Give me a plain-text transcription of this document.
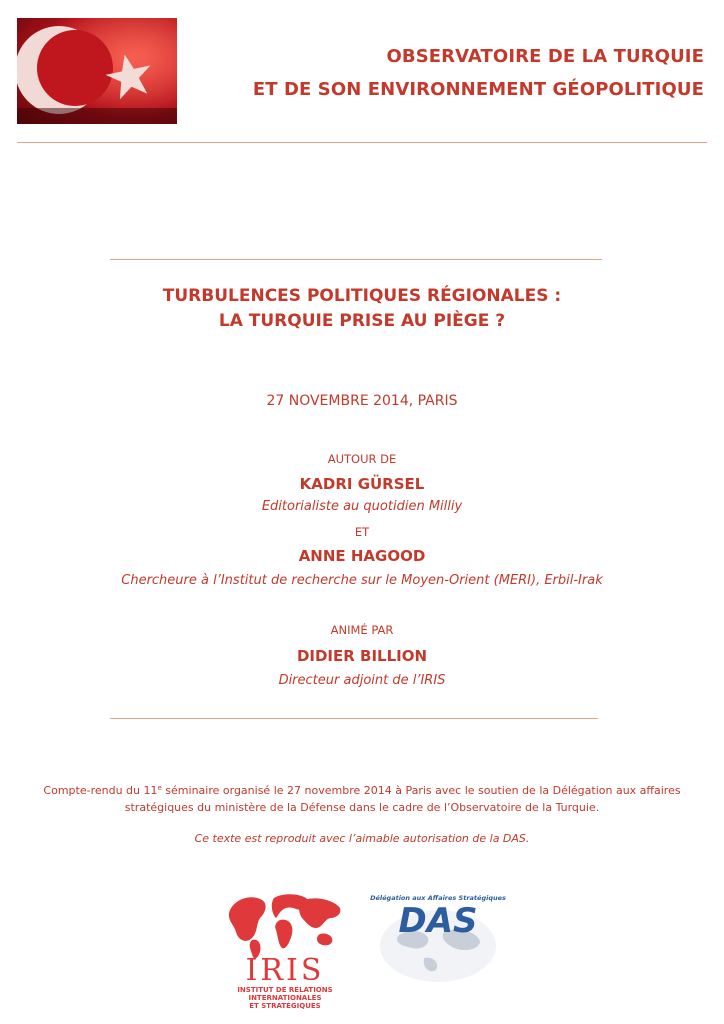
OBSERVATOIRE DE LA TURQUIE
ET DE SON ENVIRONNEMENT GÉOPOLITIQUE
TURBULENCES POLITIQUES RÉGIONALES :
LA TURQUIE PRISE AU PIÈGE ?
27 NOVEMBRE 2014, PARIS
AUTOUR DE
KADRI GÜRSEL
Editorialiste au quotidien Milliy
ET
ANNE HAGOOD
Chercheure à l’Institut de recherche sur le Moyen-Orient (MERI), Erbil-Irak
ANIMÉ PAR
DIDIER BILLION
Directeur adjoint de l’IRIS
Compte-rendu du 11e séminaire organisé le 27 novembre 2014 à Paris avec le soutien de la Délégation aux affaires
stratégiques du ministère de la Défense dans le cadre de l’Observatoire de la Turquie.
Ce texte est reproduit avec l’aimable autorisation de la DAS.
IRIS
INSTITUT DE RELATIONS
INTERNATIONALES
ET STRATÉGIQUES
Délégation aux Affaires Stratégiques
DAS
